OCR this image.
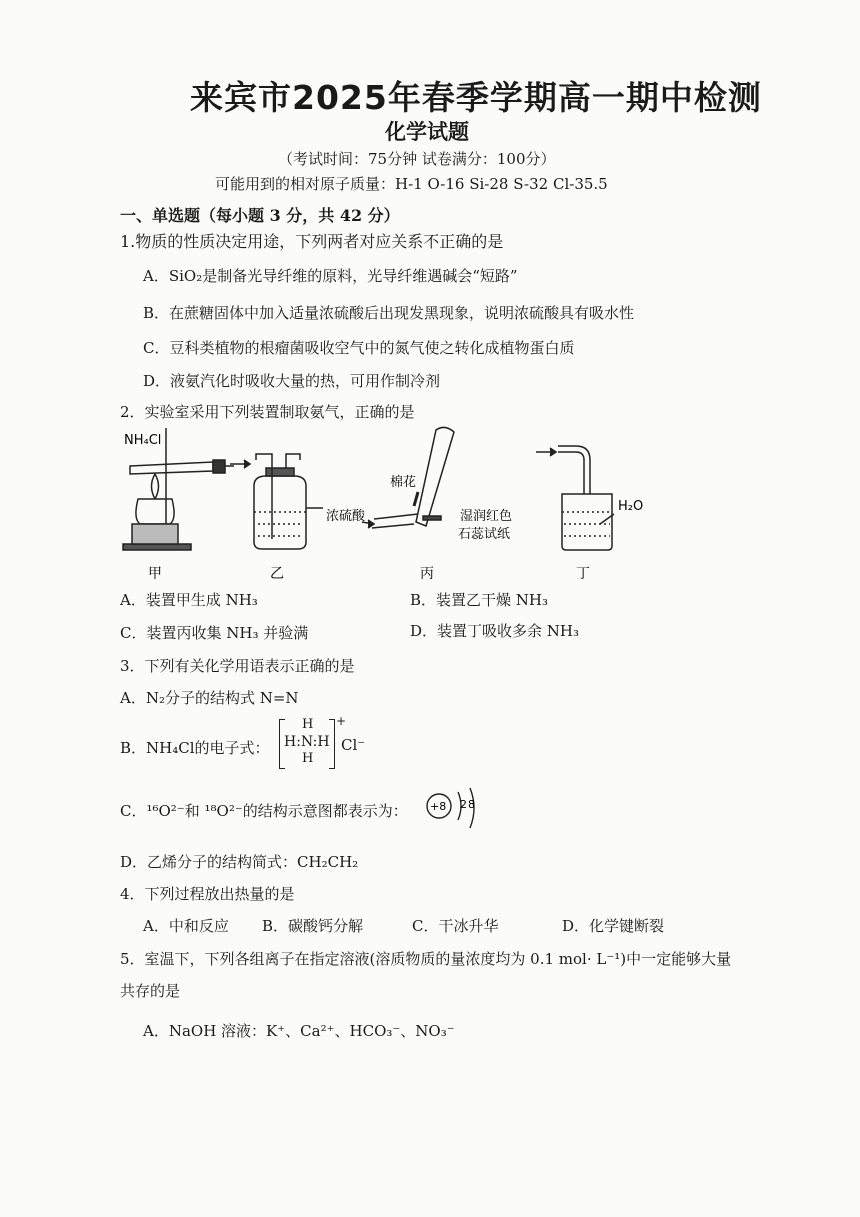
来宾市2025年春季学期高一期中检测
化学试题
（考试时间：75分钟 试卷满分：100分）
可能用到的相对原子质量：H-1 O-16 Si-28 S-32 Cl-35.5
一、单选题（每小题 3 分，共 42 分）
1.物质的性质决定用途，下列两者对应关系不正确的是
A．SiO₂是制备光导纤维的原料，光导纤维遇碱会“短路”
B．在蔗糖固体中加入适量浓硫酸后出现发黑现象，说明浓硫酸具有吸水性
C．豆科类植物的根瘤菌吸收空气中的氮气使之转化成植物蛋白质
D．液氨汽化时吸收大量的热，可用作制冷剂
2．实验室采用下列装置制取氨气，正确的是
NH₄Cl
浓硫酸
棉花
湿润红色
石蕊试纸
H₂O
甲	乙	丙	丁
A．装置甲生成 NH₃	B．装置乙干燥 NH₃
C．装置丙收集 NH₃ 并验满	D．装置丁吸收多余 NH₃
3．下列有关化学用语表示正确的是
A．N₂分子的结构式 N=N
B．NH₄Cl的电子式：
H
H:N:H
H
+
Cl⁻
C．¹⁶O²⁻和 ¹⁸O²⁻的结构示意图都表示为： +8 2 8
D．乙烯分子的结构简式：CH₂CH₂
4．下列过程放出热量的是
A．中和反应 B．碳酸钙分解	C．干冰升华	D．化学键断裂
5．室温下，下列各组离子在指定溶液(溶质物质的量浓度均为 0.1 mol· L⁻¹)中一定能够大量
共存的是
A．NaOH 溶液：K⁺、Ca²⁺、HCO₃⁻、NO₃⁻
